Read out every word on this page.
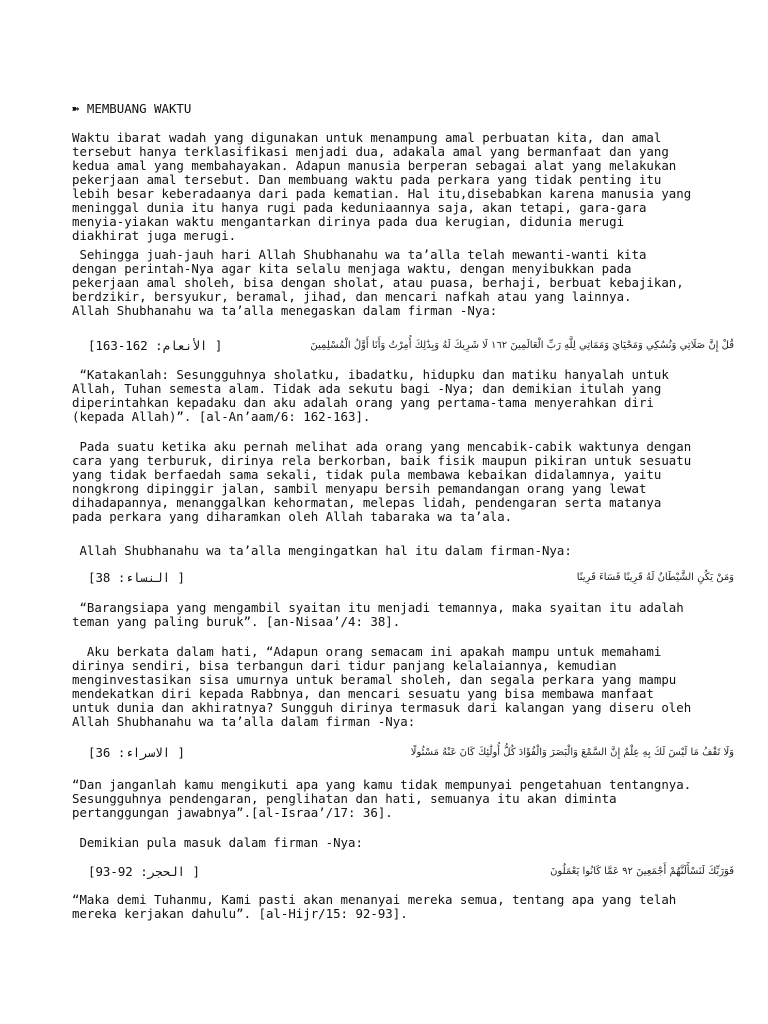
➽ MEMBUANG WAKTU
Waktu ibarat wadah yang digunakan untuk menampung amal perbuatan kita, dan amal
tersebut hanya terklasifikasi menjadi dua, adakala amal yang bermanfaat dan yang
kedua amal yang membahayakan. Adapun manusia berperan sebagai alat yang melakukan
pekerjaan amal tersebut. Dan membuang waktu pada perkara yang tidak penting itu
lebih besar keberadaanya dari pada kematian. Hal itu,disebabkan karena manusia yang
meninggal dunia itu hanya rugi pada keduniaannya saja, akan tetapi, gara-gara
menyia-yiakan waktu mengantarkan dirinya pada dua kerugian, didunia merugi
diakhirat juga merugi.
Sehingga juah-jauh hari Allah Shubhanahu wa ta’alla telah mewanti-wanti kita
dengan perintah-Nya agar kita selalu menjaga waktu, dengan menyibukkan pada
pekerjaan amal sholeh, bisa dengan sholat, atau puasa, berhaji, berbuat kebajikan,
berdzikir, bersyukur, beramal, jihad, dan mencari nafkah atau yang lainnya.
Allah Shubhanahu wa ta’alla menegaskan dalam firman -Nya:
[163-162 :الأنعام ]	قُلْ إِنَّ صَلَاتِي وَنُسُكِي وَمَحْيَايَ وَمَمَاتِي لِلَّهِ رَبِّ الْعَالَمِينَ ١٦٢ لَا شَرِيكَ لَهُ وَبِذَٰلِكَ أُمِرْتُ وَأَنَا أَوَّلُ الْمُسْلِمِينَ
“Katakanlah: Sesungguhnya sholatku, ibadatku, hidupku dan matiku hanyalah untuk
Allah, Tuhan semesta alam. Tidak ada sekutu bagi -Nya; dan demikian itulah yang
diperintahkan kepadaku dan aku adalah orang yang pertama-tama menyerahkan diri
(kepada Allah)”. [al-An’aam/6: 162-163].
Pada suatu ketika aku pernah melihat ada orang yang mencabik-cabik waktunya dengan
cara yang terburuk, dirinya rela berkorban, baik fisik maupun pikiran untuk sesuatu
yang tidak berfaedah sama sekali, tidak pula membawa kebaikan didalamnya, yaitu
nongkrong dipinggir jalan, sambil menyapu bersih pemandangan orang yang lewat
dihadapannya, menanggalkan kehormatan, melepas lidah, pendengaran serta matanya
pada perkara yang diharamkan oleh Allah tabaraka wa ta’ala.
Allah Shubhanahu wa ta’alla mengingatkan hal itu dalam firman-Nya:
[38 :النساء ]	وَمَنْ يَكُنِ الشَّيْطَانُ لَهُ قَرِينًا فَسَاءَ قَرِينًا
“Barangsiapa yang mengambil syaitan itu menjadi temannya, maka syaitan itu adalah
teman yang paling buruk”. [an-Nisaa’/4: 38].
Aku berkata dalam hati, “Adapun orang semacam ini apakah mampu untuk memahami
dirinya sendiri, bisa terbangun dari tidur panjang kelalaiannya, kemudian
menginvestasikan sisa umurnya untuk beramal sholeh, dan segala perkara yang mampu
mendekatkan diri kepada Rabbnya, dan mencari sesuatu yang bisa membawa manfaat
untuk dunia dan akhiratnya? Sungguh dirinya termasuk dari kalangan yang diseru oleh
Allah Shubhanahu wa ta’alla dalam firman -Nya:
[36 :الاسراء ]	وَلَا تَقْفُ مَا لَيْسَ لَكَ بِهِ عِلْمٌ إِنَّ السَّمْعَ وَالْبَصَرَ وَالْفُؤَادَ كُلُّ أُولَٰئِكَ كَانَ عَنْهُ مَسْئُولًا
“Dan janganlah kamu mengikuti apa yang kamu tidak mempunyai pengetahuan tentangnya.
Sesungguhnya pendengaran, penglihatan dan hati, semuanya itu akan diminta
pertanggungan jawabnya”.[al-Israa’/17: 36].
Demikian pula masuk dalam firman -Nya:
[93-92 :الحجر ]	فَوَرَبِّكَ لَنَسْأَلَنَّهُمْ أَجْمَعِينَ ٩٢ عَمَّا كَانُوا يَعْمَلُونَ
“Maka demi Tuhanmu, Kami pasti akan menanyai mereka semua, tentang apa yang telah
mereka kerjakan dahulu”. [al-Hijr/15: 92-93].
